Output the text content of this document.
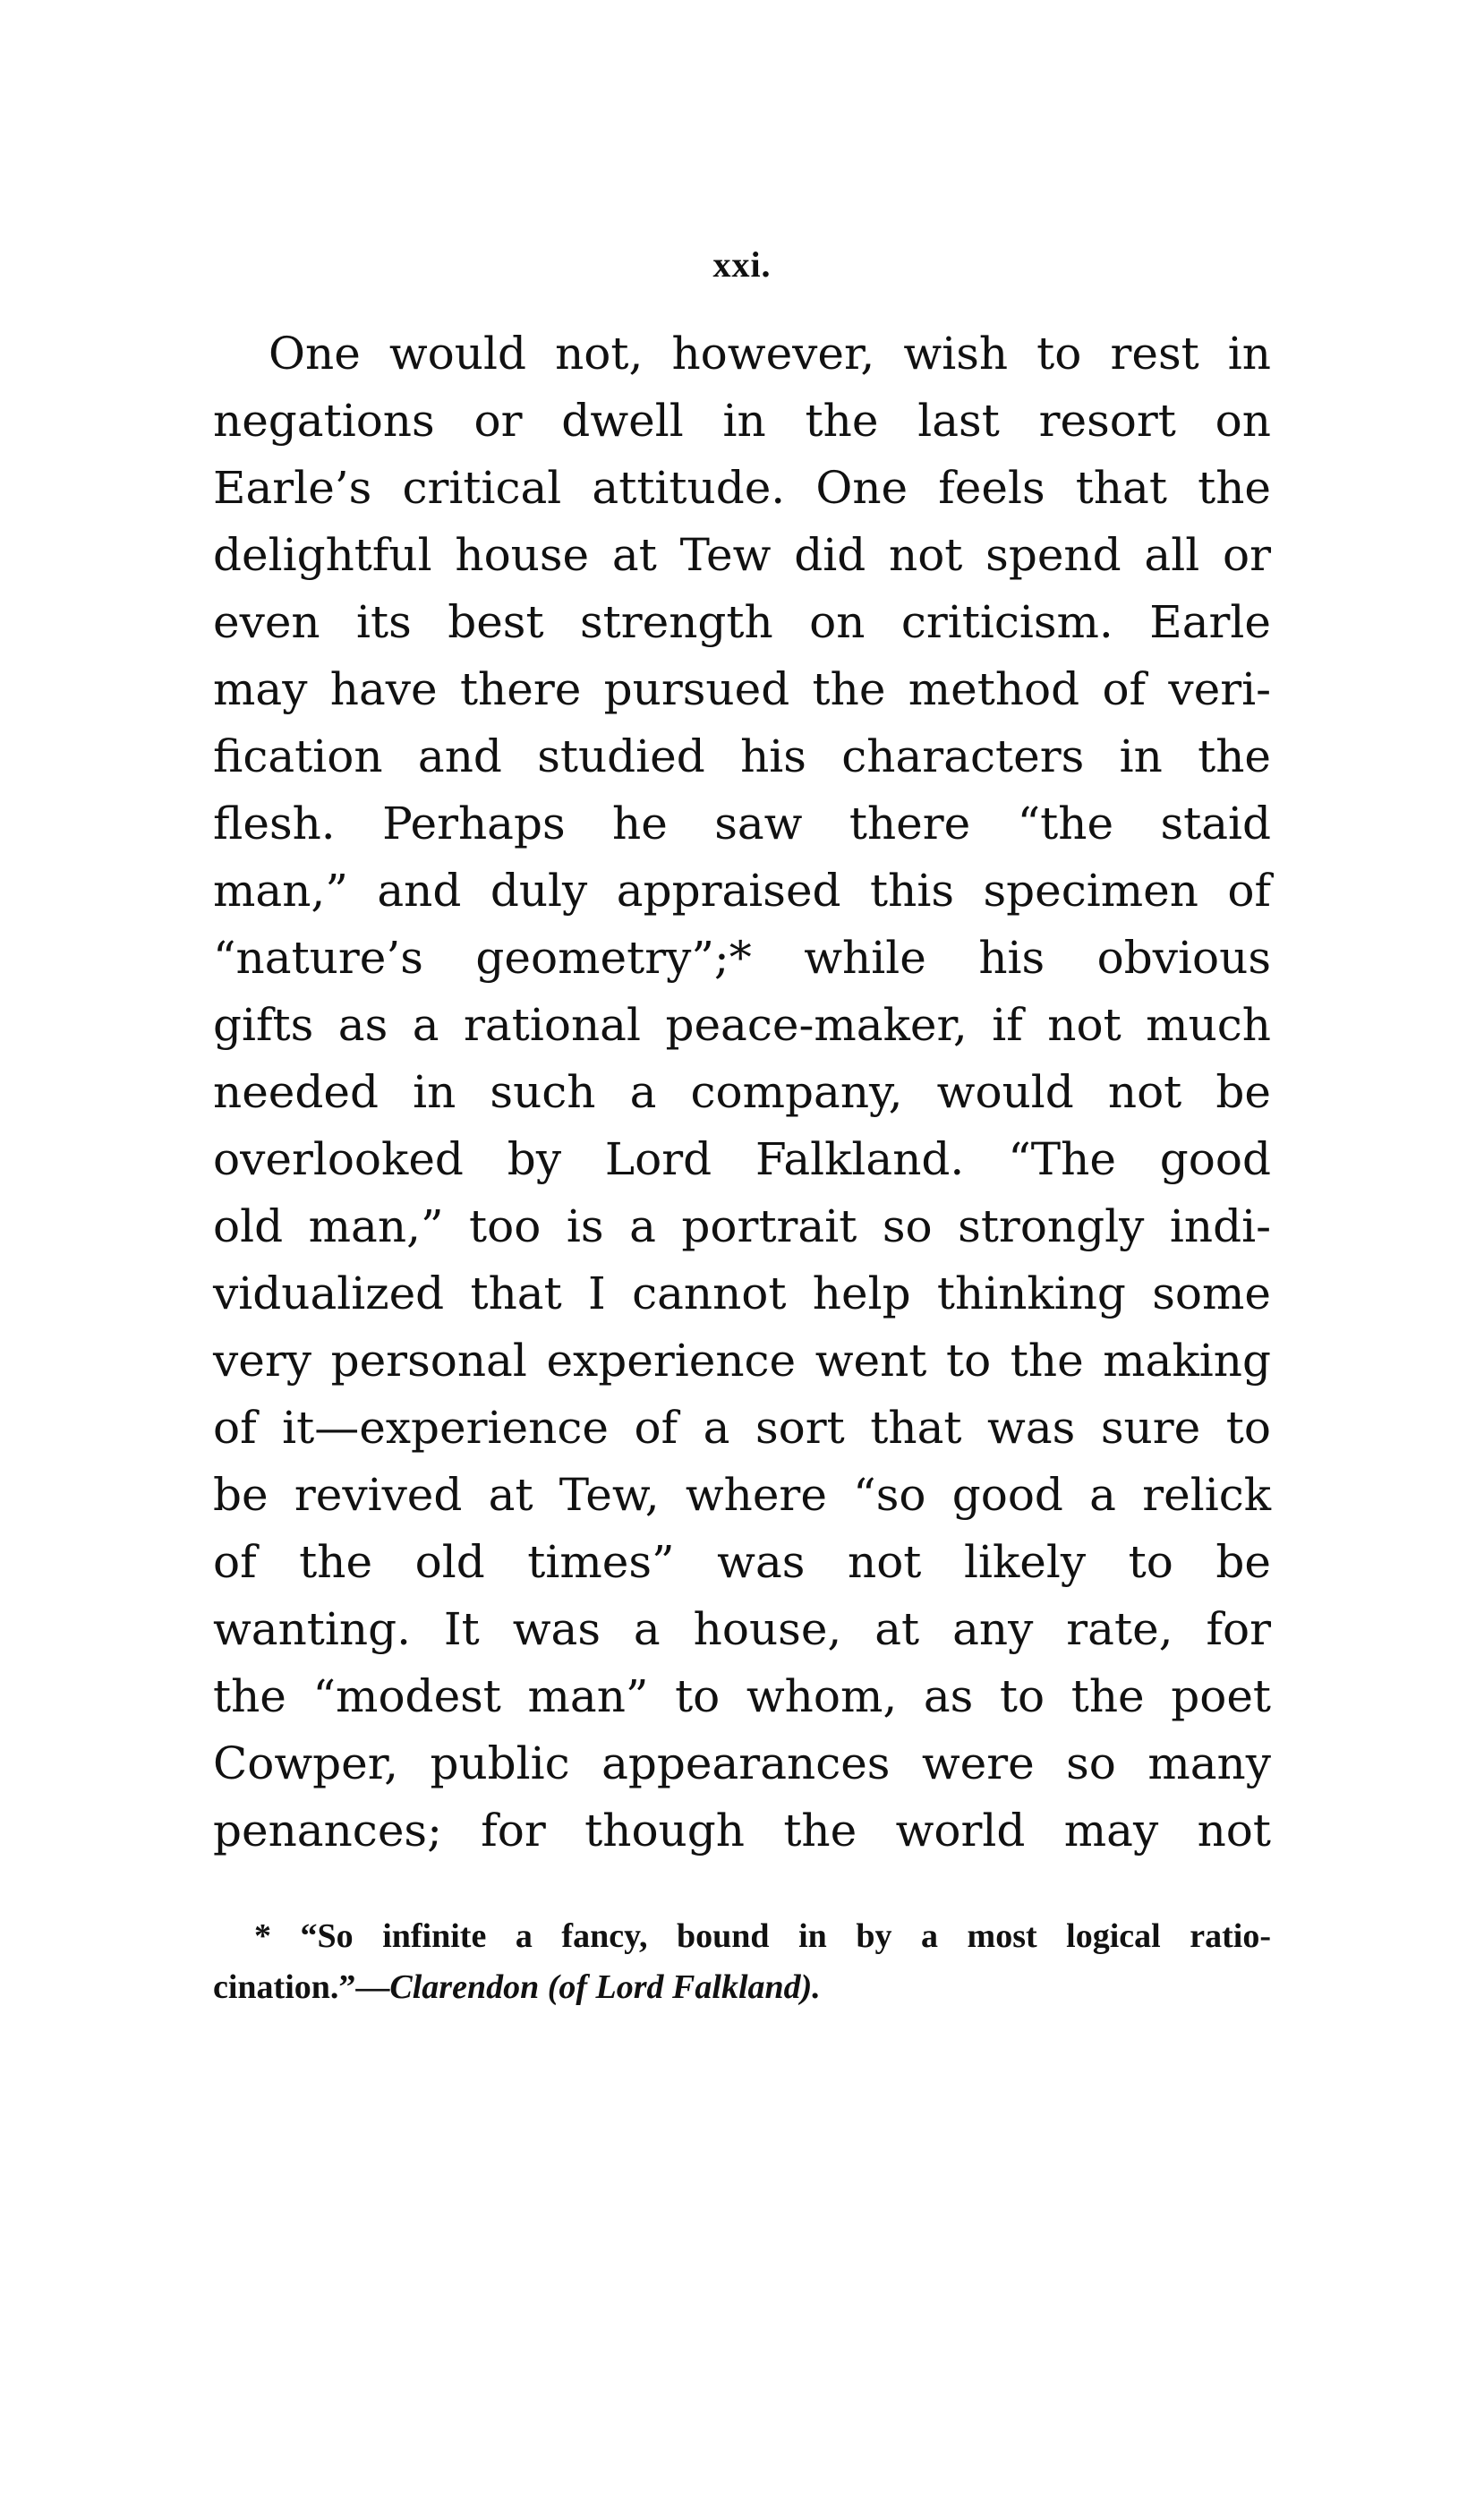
xxi.
One would not, however, wish to rest in
negations or dwell in the last resort on
Earle’s critical attitude. One feels that the
delightful house at Tew did not spend all or
even its best strength on criticism. Earle
may have there pursued the method of veri-
fication and studied his characters in the
flesh. Perhaps he saw there “the staid
man,” and duly appraised this specimen of
“nature’s geometry”;* while his obvious
gifts as a rational peace-maker, if not much
needed in such a company, would not be
overlooked by Lord Falkland. “The good
old man,” too is a portrait so strongly indi-
vidualized that I cannot help thinking some
very personal experience went to the making
of it—experience of a sort that was sure to
be revived at Tew, where “so good a relick
of the old times” was not likely to be
wanting. It was a house, at any rate, for
the “modest man” to whom, as to the poet
Cowper, public appearances were so many
penances; for though the world may not
* “So infinite a fancy, bound in by a most logical ratio-
cination.”—Clarendon (of Lord Falkland).
